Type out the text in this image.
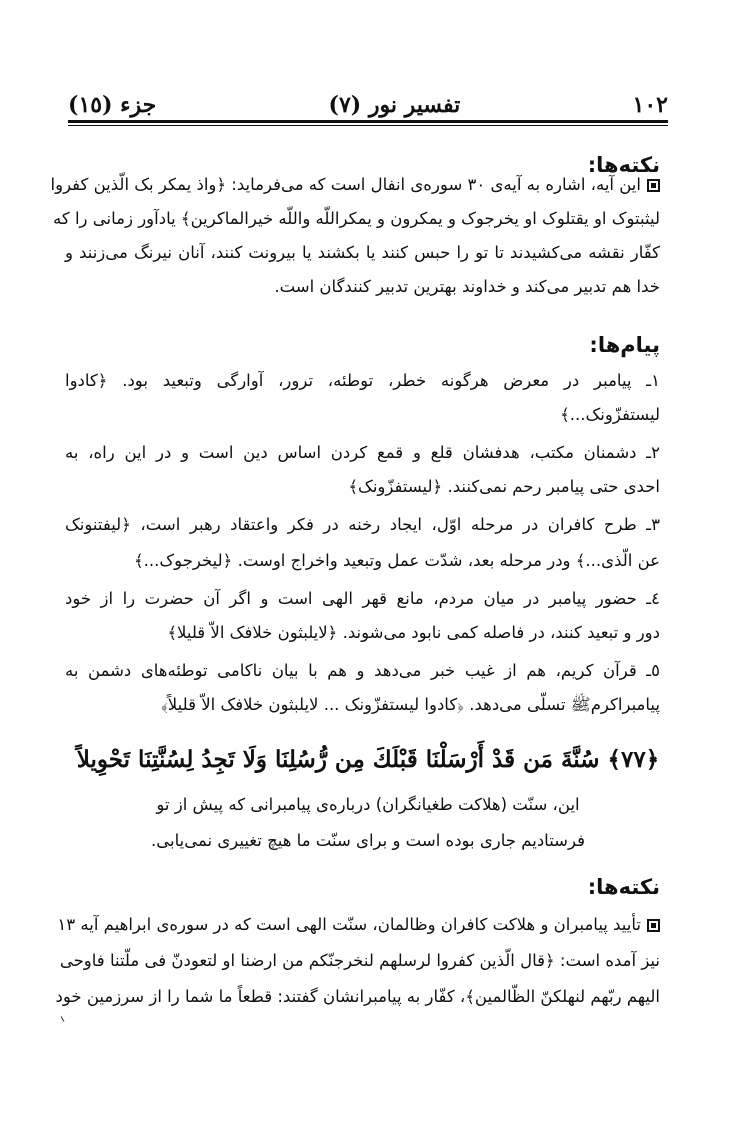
١٠٢
تفسیر نور (٧)
جزء (١٥)
نکته‌ها:
این آیه، اشاره به آیه‌ی ٣٠ سوره‌ی انفال است که می‌فرماید: ﴿واذ یمکر بک الّذین کفروا
لیثبتوک او یقتلوک او یخرجوک و یمکرون و یمکراللّه واللّه خیرالماکرین﴾ یادآور زمانی را که
کفّار نقشه می‌کشیدند تا تو را حبس کنند یا بکشند یا بیرونت کنند، آنان نیرنگ می‌زنند و
خدا هم تدبیر می‌کند و خداوند بهترین تدبیر کنندگان است.
پیام‌ها:
١ـ پیامبر در معرض هرگونه خطر، توطئه، ترور، آوارگی وتبعید بود. ﴿کادوا
لیستفزّونک...﴾
٢ـ دشمنان مکتب، هدفشان قلع و قمع کردن اساس دین است و در این راه، به
احدی حتی پیامبر رحم نمی‌کنند. ﴿لیستفزّونک﴾
٣ـ طرح کافران در مرحله اوّل، ایجاد رخنه در فکر واعتقاد رهبر است، ﴿لیفتنونک
عن الّذی...﴾ ودر مرحله بعد، شدّت عمل وتبعید واخراج اوست. ﴿لیخرجوک...﴾
٤ـ حضور پیامبر در میان مردم، مانع قهر الهی است و اگر آن حضرت را از خود
دور و تبعید کنند، در فاصله کمی نابود می‌شوند. ﴿لایلبثون خلافک الاّ قلیلا﴾
٥ـ قرآن کریم، هم از غیب خبر می‌دهد و هم با بیان ناکامی توطئه‌های دشمن به
پیامبراکرمﷺ تسلّی می‌دهد. ﴿کادوا لیستفزّونک ... لایلبثون خلافک الاّ قلیلاً﴾
﴿٧٧﴾ سُنَّةَ مَن قَدْ أَرْسَلْنَا قَبْلَكَ مِن رُّسُلِنَا وَلَا تَجِدُ لِسُنَّتِنَا تَحْوِيلاً
این، سنّت (هلاکت طغیانگران) درباره‌ی پیامبرانی که پیش از تو
فرستادیم جاری بوده است و برای سنّت ما هیچ تغییری نمی‌یابی.
نکته‌ها:
تأیید پیامبران و هلاکت کافران وظالمان، سنّت الهی است که در سوره‌ی ابراهیم آیه ١٣
نیز آمده است: ﴿قال الّذین کفروا لرسلهم لنخرجنّکم من ارضنا او لتعودنّ فی ملّتنا فاوحی
الیهم ربّهم لنهلکنّ الظّالمین﴾، کفّار به پیامبرانشان گفتند: قطعاً ما شما را از سرزمین خود
